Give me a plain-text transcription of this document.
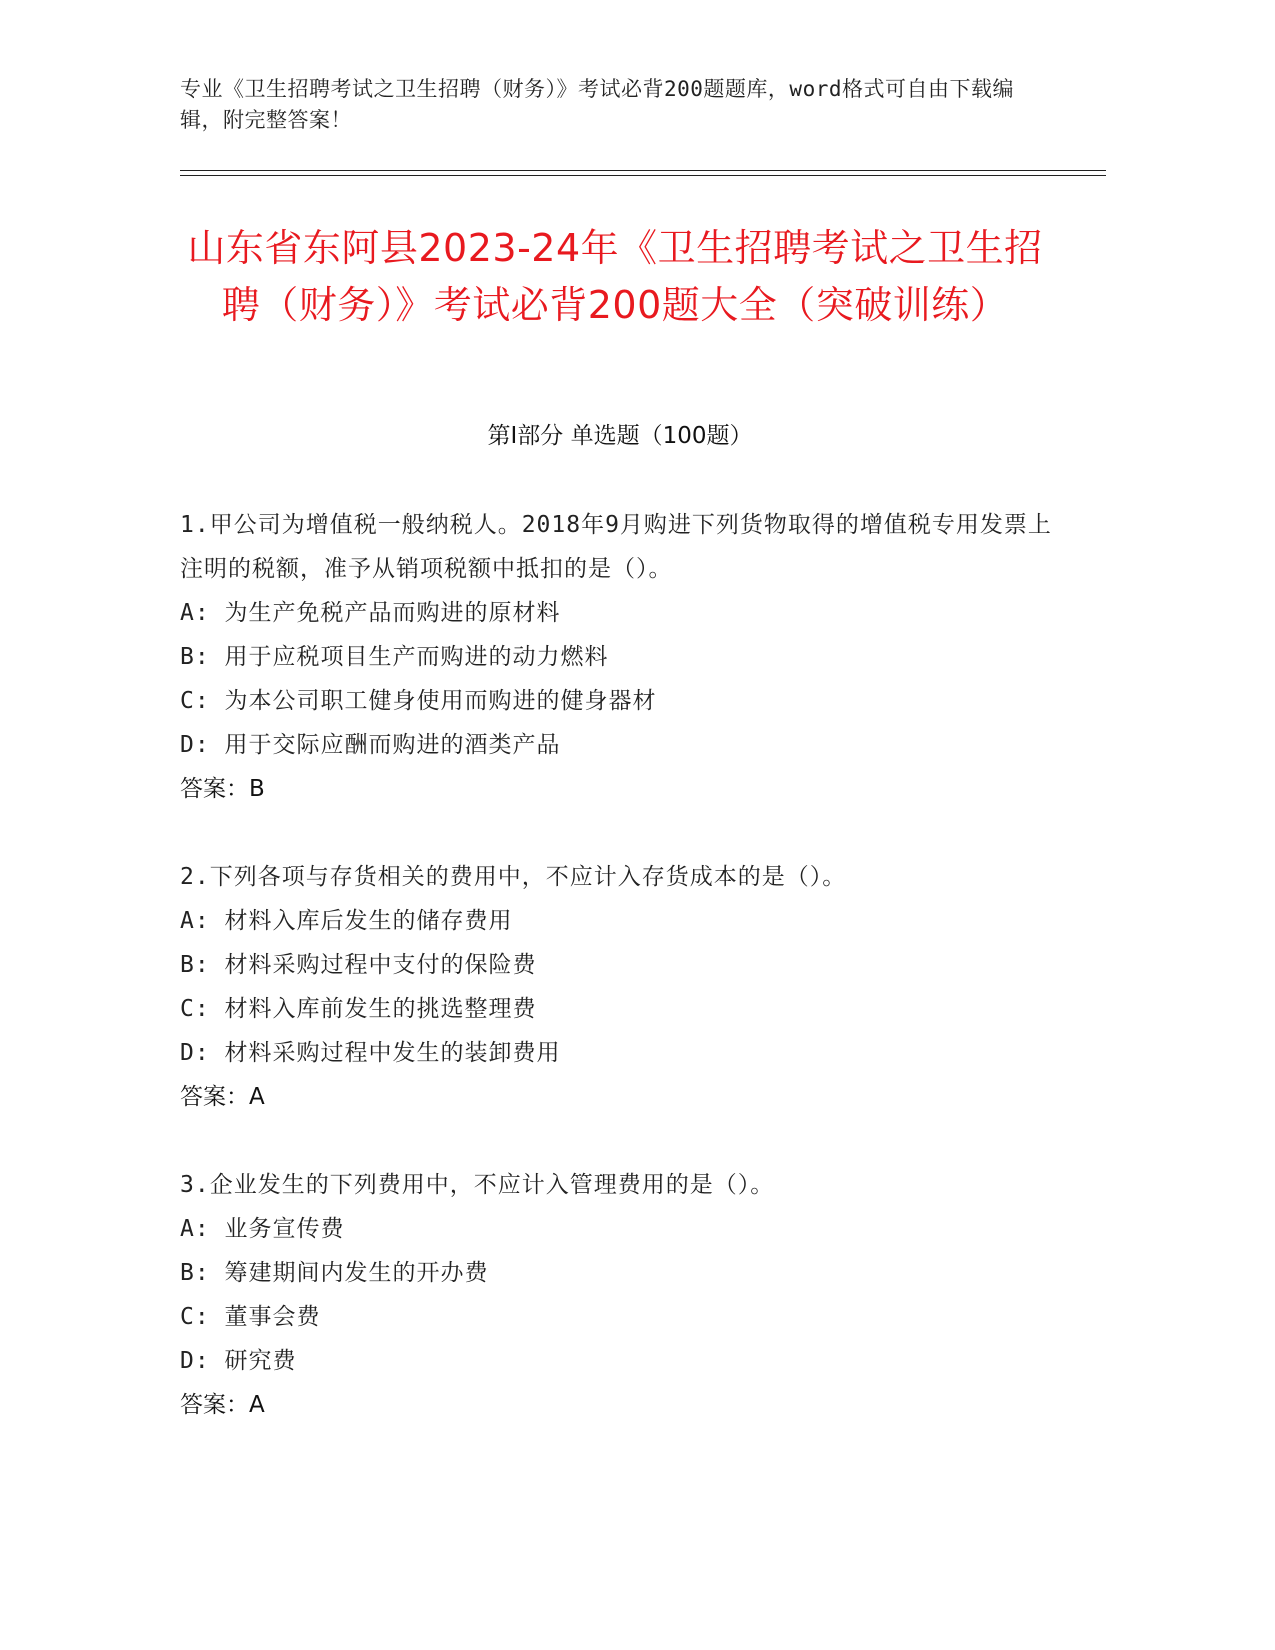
专业《卫生招聘考试之卫生招聘（财务）》考试必背200题题库，word格式可自由下载编辑，附完整答案！
山东省东阿县2023-24年《卫生招聘考试之卫生招聘（财务）》考试必背200题大全（突破训练）
第Ⅰ部分 单选题（100题）
1.甲公司为增值税一般纳税人。2018年9月购进下列货物取得的增值税专用发票上注明的税额，准予从销项税额中抵扣的是（）。
A: 为生产免税产品而购进的原材料
B: 用于应税项目生产而购进的动力燃料
C: 为本公司职工健身使用而购进的健身器材
D: 用于交际应酬而购进的酒类产品
答案：B
2.下列各项与存货相关的费用中，不应计入存货成本的是（）。
A: 材料入库后发生的储存费用
B: 材料采购过程中支付的保险费
C: 材料入库前发生的挑选整理费
D: 材料采购过程中发生的装卸费用
答案：A
3.企业发生的下列费用中，不应计入管理费用的是（）。
A: 业务宣传费
B: 筹建期间内发生的开办费
C: 董事会费
D: 研究费
答案：A
